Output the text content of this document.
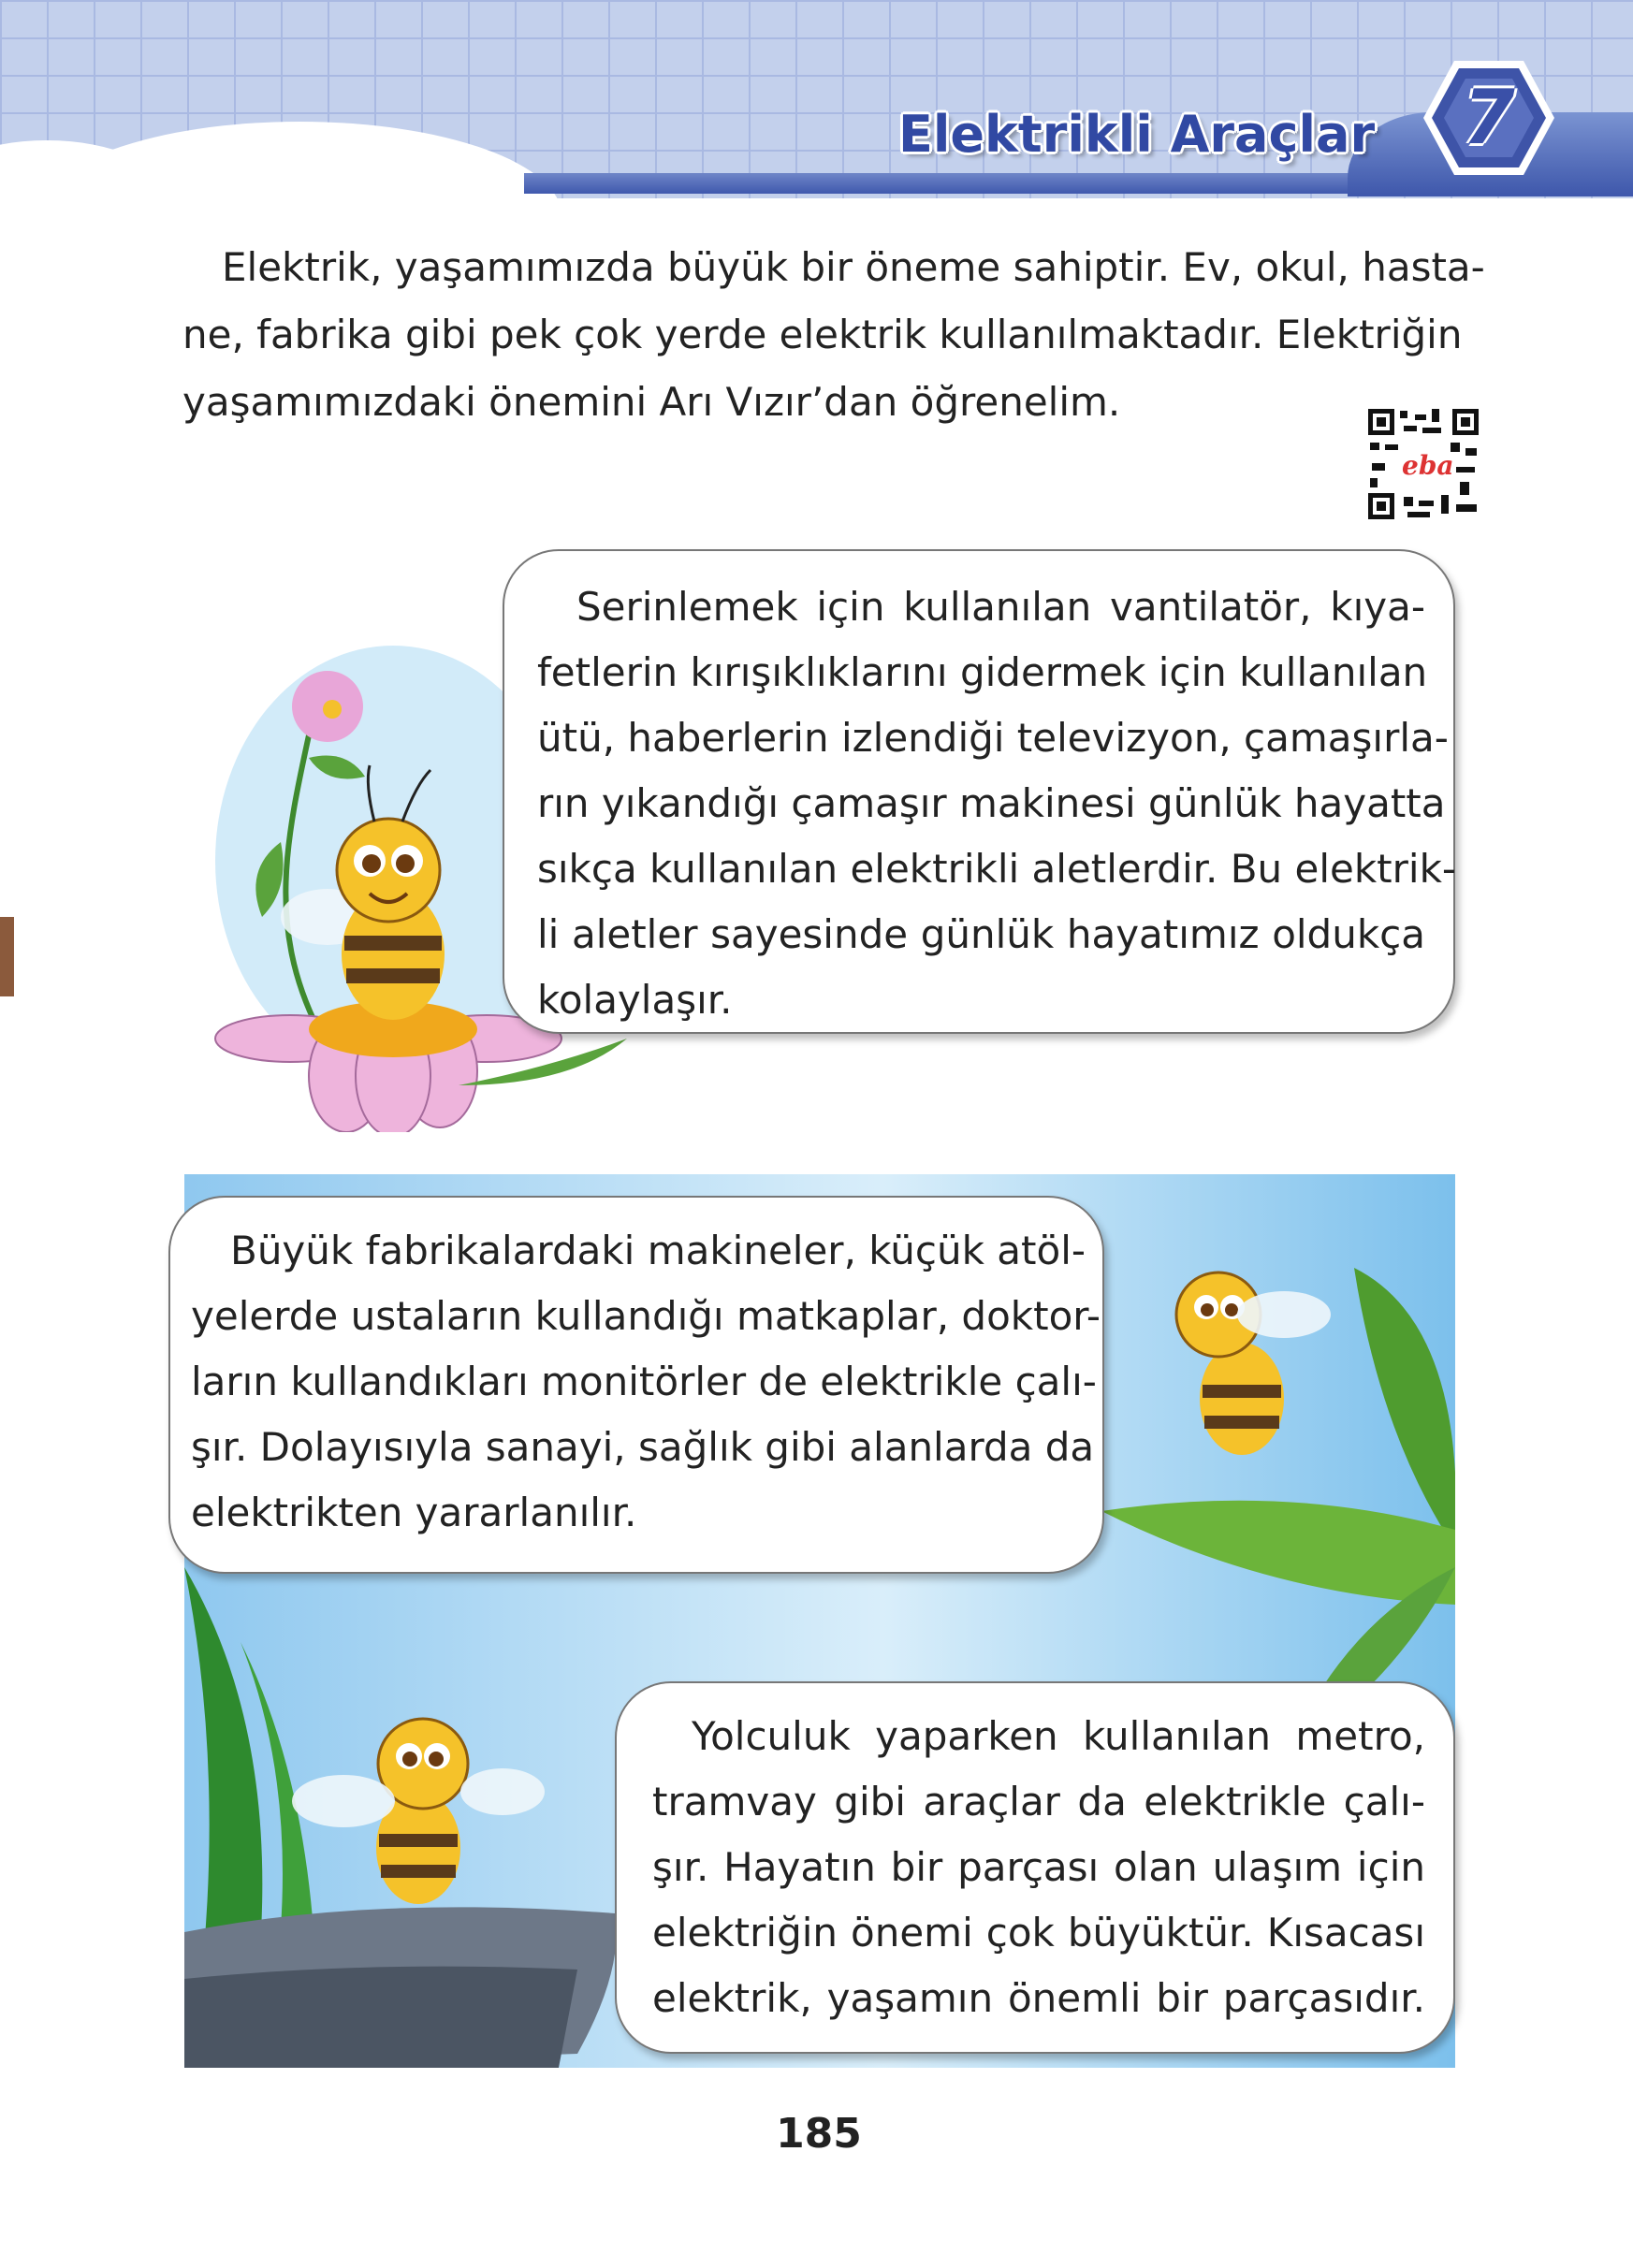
Elektrikli Araçlar	7
Elektrik, yaşamımızda büyük bir öneme sahiptir. Ev, okul, hasta-
ne, fabrika gibi pek çok yerde elektrik kullanılmaktadır. Elektriğin
yaşamımızdaki önemini Arı Vızır’dan öğrenelim.
eba
Serinlemek için kullanılan vantilatör, kıya-
fetlerin kırışıklıklarını gidermek için kullanılan
ütü, haberlerin izlendiği televizyon, çamaşırla-
rın yıkandığı çamaşır makinesi günlük hayatta
sıkça kullanılan elektrikli aletlerdir. Bu elektrik-
li aletler sayesinde günlük hayatımız oldukça
kolaylaşır.
Büyük fabrikalardaki makineler, küçük atöl-
yelerde ustaların kullandığı matkaplar, doktor-
ların kullandıkları monitörler de elektrikle çalı-
şır. Dolayısıyla sanayi, sağlık gibi alanlarda da
elektrikten yararlanılır.
Yolculuk yaparken kullanılan metro,
tramvay gibi araçlar da elektrikle çalı-
şır. Hayatın bir parçası olan ulaşım için
elektriğin önemi çok büyüktür. Kısacası
elektrik, yaşamın önemli bir parçasıdır.
185
